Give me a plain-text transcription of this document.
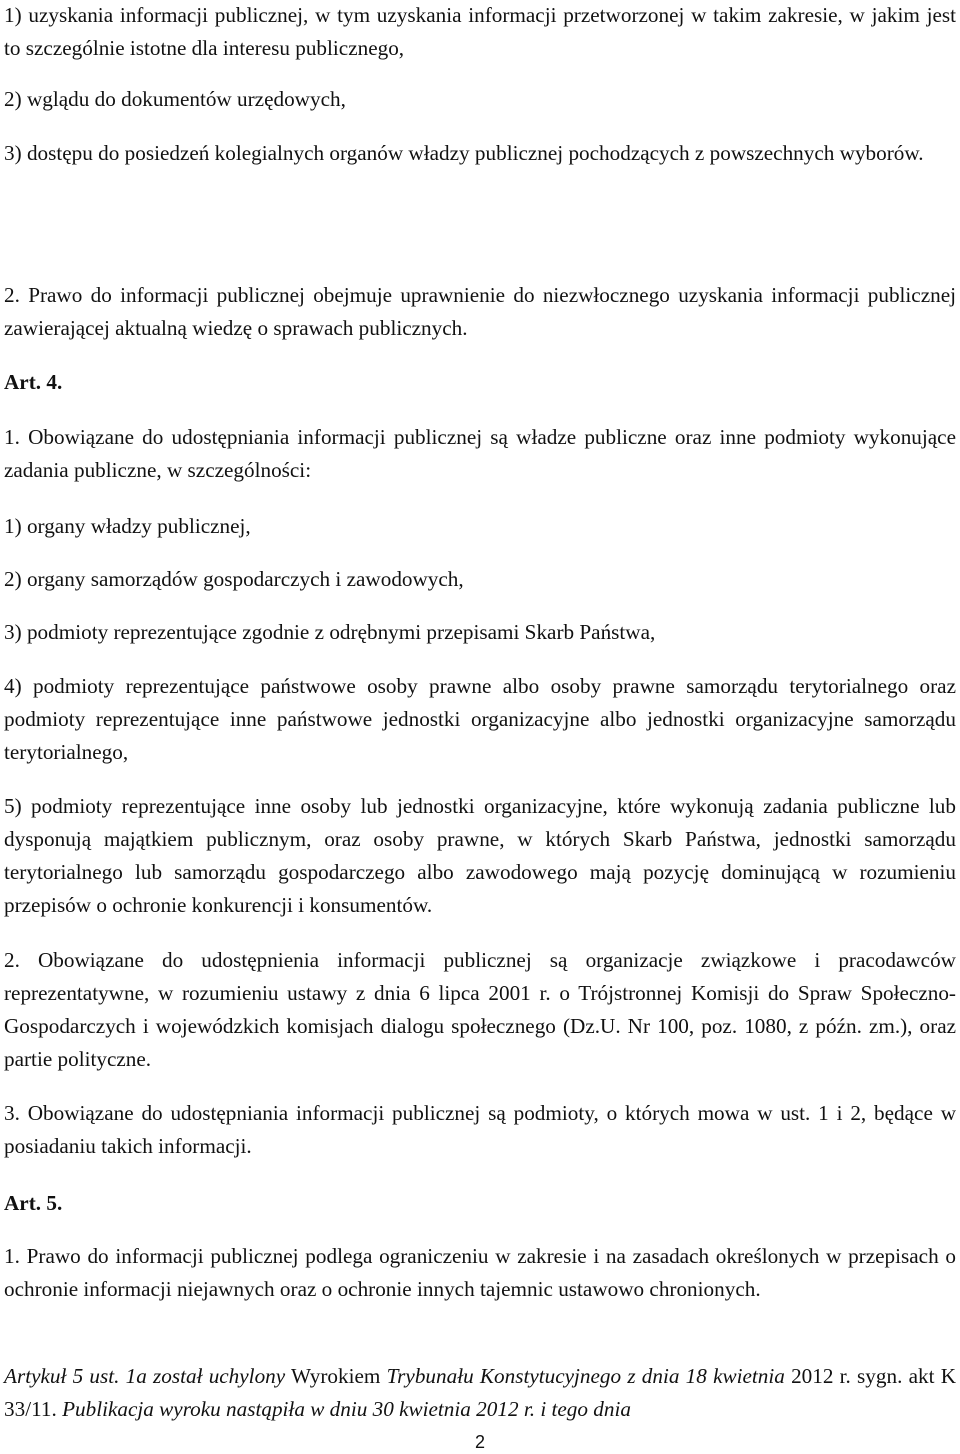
1) uzyskania informacji publicznej, w tym uzyskania informacji przetworzonej w takim zakresie, w jakim jest to szczególnie istotne dla interesu publicznego,
2) wglądu do dokumentów urzędowych,
3) dostępu do posiedzeń kolegialnych organów władzy publicznej pochodzących z powszechnych wyborów.
2. Prawo do informacji publicznej obejmuje uprawnienie do niezwłocznego uzyskania informacji publicznej zawierającej aktualną wiedzę o sprawach publicznych.
Art. 4.
1. Obowiązane do udostępniania informacji publicznej są władze publiczne oraz inne podmioty wykonujące zadania publiczne, w szczególności:
1) organy władzy publicznej,
2) organy samorządów gospodarczych i zawodowych,
3) podmioty reprezentujące zgodnie z odrębnymi przepisami Skarb Państwa,
4) podmioty reprezentujące państwowe osoby prawne albo osoby prawne samorządu terytorialnego oraz podmioty reprezentujące inne państwowe jednostki organizacyjne albo jednostki organizacyjne samorządu terytorialnego,
5) podmioty reprezentujące inne osoby lub jednostki organizacyjne, które wykonują zadania publiczne lub dysponują majątkiem publicznym, oraz osoby prawne, w których Skarb Państwa, jednostki samorządu terytorialnego lub samorządu gospodarczego albo zawodowego mają pozycję dominującą w rozumieniu przepisów o ochronie konkurencji i konsumentów.
2. Obowiązane do udostępnienia informacji publicznej są organizacje związkowe i pracodawców reprezentatywne, w rozumieniu ustawy z dnia 6 lipca 2001 r. o Trójstronnej Komisji do Spraw Społeczno-Gospodarczych i wojewódzkich komisjach dialogu społecznego (Dz.U. Nr 100, poz. 1080, z późn. zm.), oraz partie polityczne.
3. Obowiązane do udostępniania informacji publicznej są podmioty, o których mowa w ust. 1 i 2, będące w posiadaniu takich informacji.
Art. 5.
1. Prawo do informacji publicznej podlega ograniczeniu w zakresie i na zasadach określonych w przepisach o ochronie informacji niejawnych oraz o ochronie innych tajemnic ustawowo chronionych.
Artykuł 5 ust. 1a został uchylony Wyrokiem Trybunału Konstytucyjnego z dnia 18 kwietnia 2012 r. sygn. akt K 33/11. Publikacja wyroku nastąpiła w dniu 30 kwietnia 2012 r. i tego dnia
2
